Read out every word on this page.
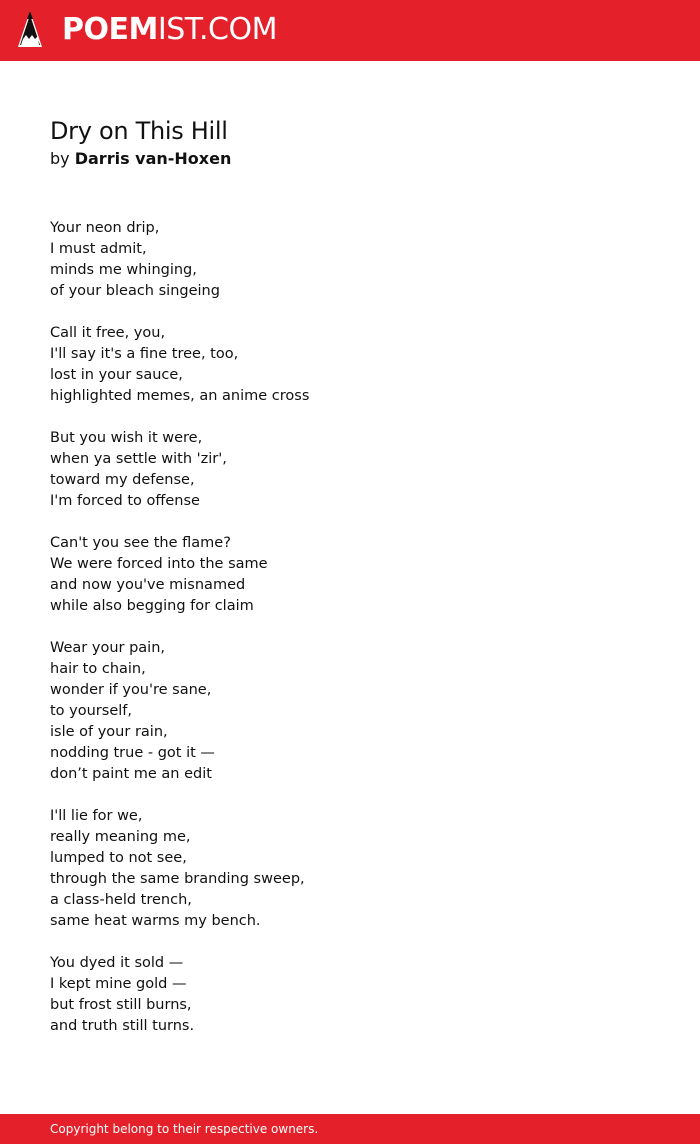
POEMIST.COM
Dry on This Hill
by Darris van-Hoxen
Your neon drip,
I must admit,
minds me whinging,
of your bleach singeing
Call it free, you,
I'll say it's a fine tree, too,
lost in your sauce,
highlighted memes, an anime cross
But you wish it were,
when ya settle with 'zir',
toward my defense,
I'm forced to offense
Can't you see the flame?
We were forced into the same
and now you've misnamed
while also begging for claim
Wear your pain,
hair to chain,
wonder if you're sane,
to yourself,
isle of your rain,
nodding true - got it —
don’t paint me an edit
I'll lie for we,
really meaning me,
lumped to not see,
through the same branding sweep,
a class-held trench,
same heat warms my bench.
You dyed it sold —
I kept mine gold —
but frost still burns,
and truth still turns.
Copyright belong to their respective owners.
